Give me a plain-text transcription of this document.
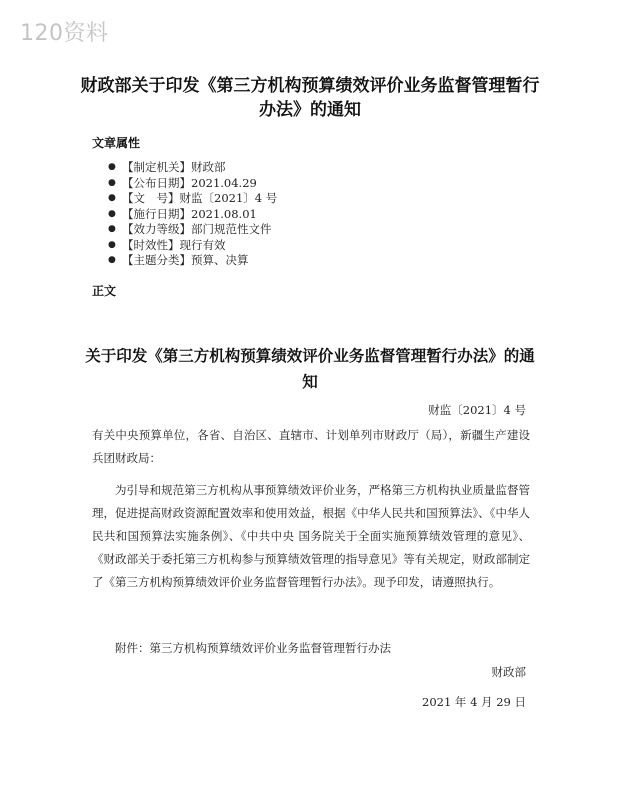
120资料
财政部关于印发《第三方机构预算绩效评价业务监督管理暂行办法》的通知
文章属性
● 【制定机关】财政部
● 【公布日期】2021.04.29
● 【文　号】财监〔2021〕4 号
● 【施行日期】2021.08.01
● 【效力等级】部门规范性文件
● 【时效性】现行有效
● 【主题分类】预算、决算
正文
关于印发《第三方机构预算绩效评价业务监督管理暂行办法》的通知
财监〔2021〕4 号
有关中央预算单位，各省、自治区、直辖市、计划单列市财政厅（局），新疆生产建设兵团财政局：
为引导和规范第三方机构从事预算绩效评价业务，严格第三方机构执业质量监督管理，促进提高财政资源配置效率和使用效益，根据《中华人民共和国预算法》、《中华人民共和国预算法实施条例》、《中共中央 国务院关于全面实施预算绩效管理的意见》、《财政部关于委托第三方机构参与预算绩效管理的指导意见》等有关规定，财政部制定了《第三方机构预算绩效评价业务监督管理暂行办法》。现予印发，请遵照执行。
附件：第三方机构预算绩效评价业务监督管理暂行办法
财政部
2021 年 4 月 29 日
